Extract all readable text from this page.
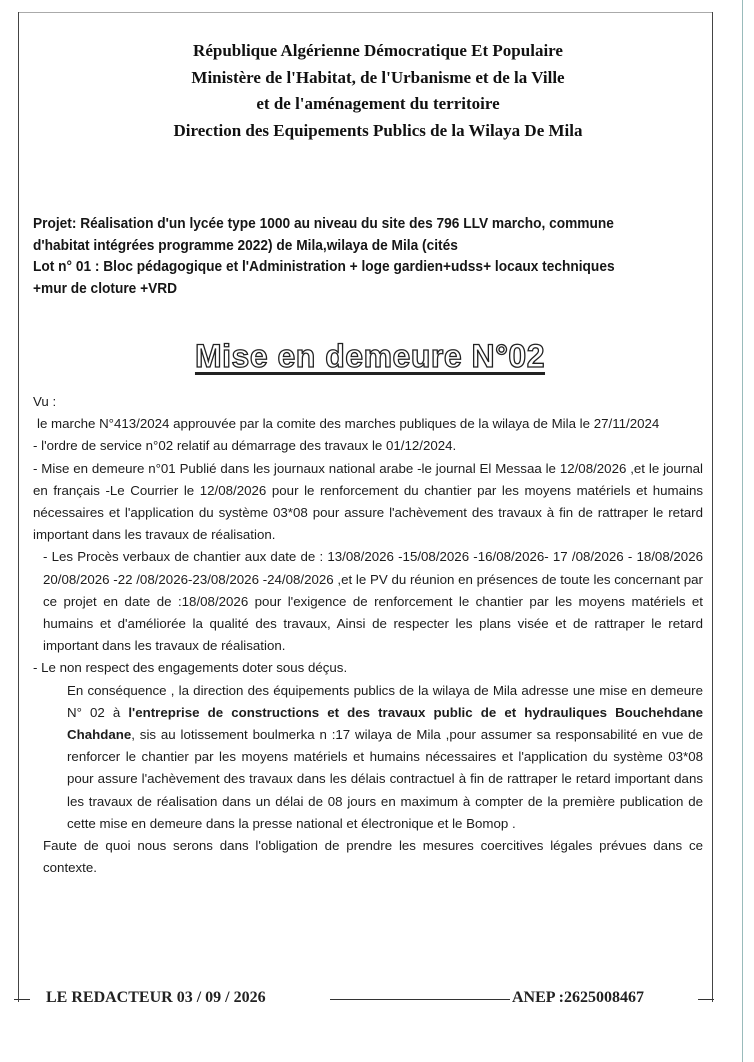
République Algérienne Démocratique Et Populaire
Ministère de l'Habitat, de l'Urbanisme et de la Ville
et de l'aménagement du territoire
Direction des Equipements Publics de la Wilaya De Mila
Projet: Réalisation d'un lycée type 1000 au niveau du site des 796 LLV marcho, commune
d'habitat intégrées programme 2022) de Mila,wilaya de Mila (cités
Lot n° 01 : Bloc pédagogique et l'Administration + loge gardien+udss+ locaux techniques
+mur de cloture +VRD
Mise en demeure N°02

Vu :

le marche N°413/2024 approuvée par la comite des marches publiques de la wilaya de Mila le 27/11/2024

- l'ordre de service n°02 relatif au démarrage des travaux le 01/12/2024.

- Mise en demeure n°01 Publié dans les journaux national arabe -le journal El Messaa le 12/08/2026 ,et le journal en français -Le Courrier le 12/08/2026 pour le renforcement du chantier par les moyens matériels et humains nécessaires et l'application du système 03*08 pour assure l'achèvement des travaux à fin de rattraper le retard important dans les travaux de réalisation.

- Les Procès verbaux de chantier aux date de : 13/08/2026 -15/08/2026 -16/08/2026- 17 /08/2026 - 18/08/2026 20/08/2026 -22 /08/2026-23/08/2026 -24/08/2026 ,et le PV du réunion en présences de toute les concernant par ce projet en date de :18/08/2026 pour l'exigence de renforcement le chantier par les moyens matériels et humains et d'améliorée la qualité des travaux, Ainsi de respecter les plans visée et de rattraper le retard important dans les travaux de réalisation.

- Le non respect des engagements doter sous déçus.

En conséquence , la direction des équipements publics de la wilaya de Mila adresse une mise en demeure N° 02 à l'entreprise de constructions et des travaux public de et hydrauliques Bouchehdane Chahdane, sis au lotissement boulmerka n :17 wilaya de Mila ,pour assumer sa responsabilité en vue de renforcer le chantier par les moyens matériels et humains nécessaires et l'application du système 03*08 pour assure l'achèvement des travaux dans les délais contractuel à fin de rattraper le retard important dans les travaux de réalisation dans un délai de 08 jours en maximum à compter de la première publication de cette mise en demeure dans la presse national et électronique et le Bomop .

Faute de quoi nous serons dans l'obligation de prendre les mesures coercitives légales prévues dans ce contexte.

LE REDACTEUR 03 / 09 / 2026	ANEP :2625008467
